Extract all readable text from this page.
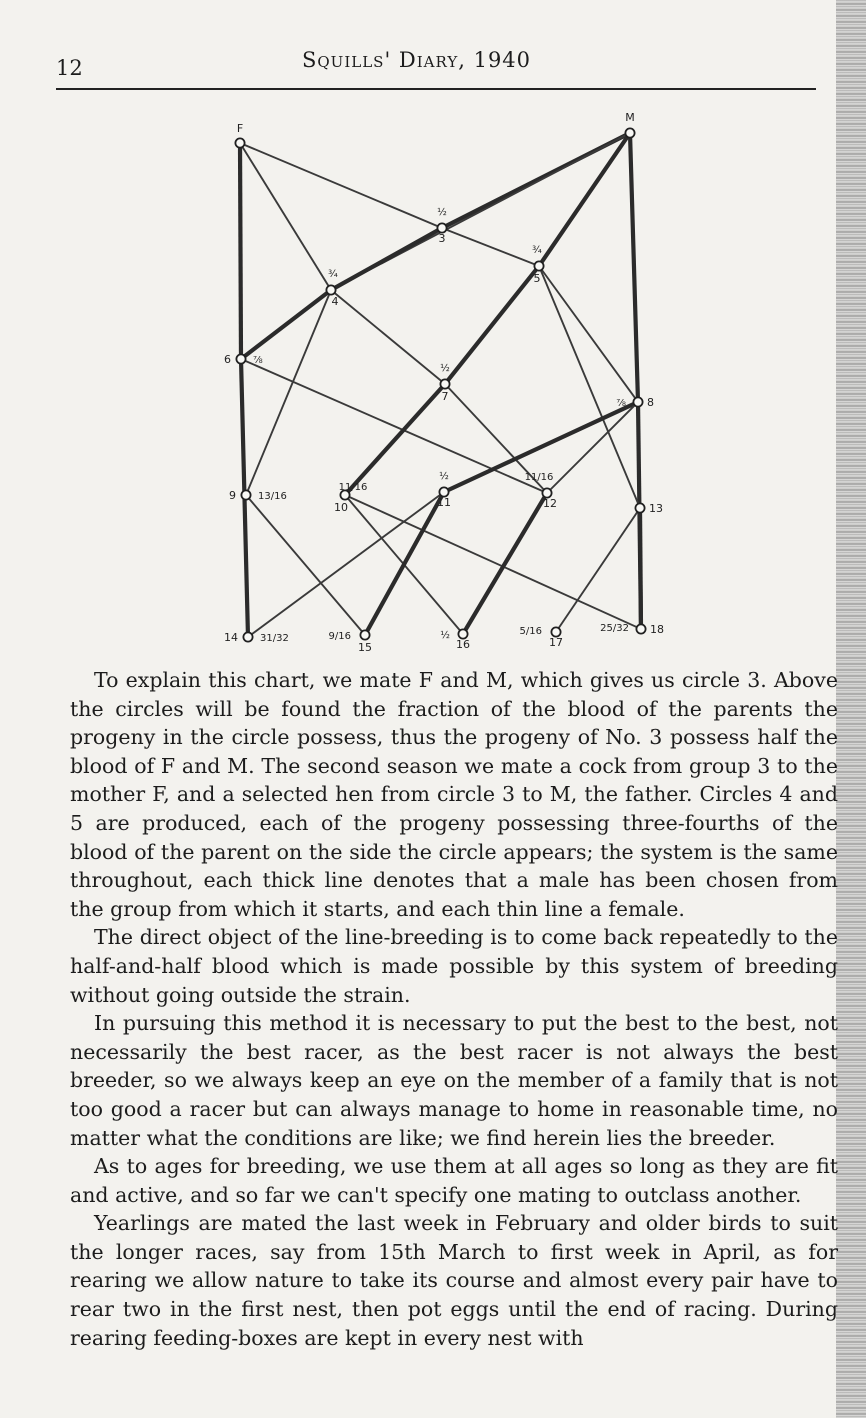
12	Squills' Diary, 1940
F
M
3
½
4
¾	5
¾
6 ⅞
7
½
8
⅞
9 13/16
10
11/16
11
½
12
11/16
13
14 31/32
15
9/16
16
½
17
5/16	18
25/32

To explain this chart, we mate F and M, which gives us circle 3. Above the circles will be found the fraction of the blood of the parents the progeny in the circle possess, thus the progeny of No. 3 possess half the blood of F and M. The second season we mate a cock from group 3 to the mother F, and a selected hen from circle 3 to M, the father. Circles 4 and 5 are produced, each of the progeny possessing three-fourths of the blood of the parent on the side the circle appears; the system is the same throughout, each thick line denotes that a male has been chosen from the group from which it starts, and each thin line a female.

The direct object of the line-breeding is to come back repeatedly to the half-and-half blood which is made possible by this system of breeding without going outside the strain.

In pursuing this method it is necessary to put the best to the best, not necessarily the best racer, as the best racer is not always the best breeder, so we always keep an eye on the member of a family that is not too good a racer but can always manage to home in reasonable time, no matter what the conditions are like; we find herein lies the breeder.

As to ages for breeding, we use them at all ages so long as they are fit and active, and so far we can't specify one mating to outclass another.

Yearlings are mated the last week in February and older birds to suit the longer races, say from 15th March to first week in April, as for rearing we allow nature to take its course and almost every pair have to rear two in the first nest, then pot eggs until the end of racing. During rearing feeding-boxes are kept in every nest with
